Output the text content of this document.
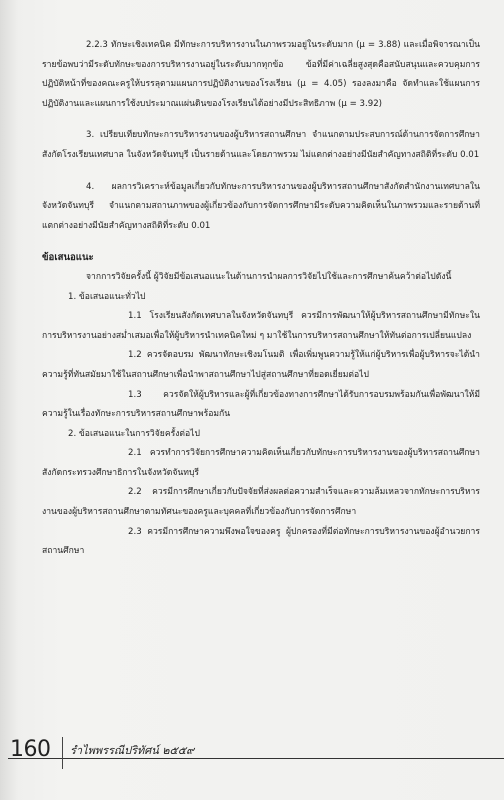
2.2.3 ทักษะเชิงเทคนิค มีทักษะการบริหารงานในภาพรวมอยู่ในระดับมาก (μ = 3.88) และเมื่อพิจารณาเป็นรายข้อพบว่ามีระดับทักษะของการบริหารงานอยู่ในระดับมากทุกข้อ ข้อที่มีค่าเฉลี่ยสูงสุดคือสนับสนุนและควบคุมการปฏิบัติหน้าที่ของคณะครูให้บรรลุตามแผนการปฏิบัติงานของโรงเรียน (μ = 4.05) รองลงมาคือ จัดทำและใช้แผนการปฏิบัติงานและแผนการใช้งบประมาณแผ่นดินของโรงเรียนได้อย่างมีประสิทธิภาพ (μ = 3.92)

3. เปรียบเทียบทักษะการบริหารงานของผู้บริหารสถานศึกษา จำแนกตามประสบการณ์ด้านการจัดการศึกษาสังกัดโรงเรียนเทศบาล ในจังหวัดจันทบุรี เป็นรายด้านและโดยภาพรวม ไม่แตกต่างอย่างมีนัยสำคัญทางสถิติที่ระดับ 0.01

4. ผลการวิเคราะห์ข้อมูลเกี่ยวกับทักษะการบริหารงานของผู้บริหารสถานศึกษาสังกัดสำนักงานเทศบาลในจังหวัดจันทบุรี จำแนกตามสถานภาพของผู้เกี่ยวข้องกับการจัดการศึกษามีระดับความคิดเห็นในภาพรวมและรายด้านที่แตกต่างอย่างมีนัยสำคัญทางสถิติที่ระดับ 0.01

ข้อเสนอแนะ

จากการวิจัยครั้งนี้ ผู้วิจัยมีข้อเสนอแนะในด้านการนำผลการวิจัยไปใช้และการศึกษาค้นคว้าต่อไปดังนี้

1. ข้อเสนอแนะทั่วไป

1.1 โรงเรียนสังกัดเทศบาลในจังหวัดจันทบุรี ควรมีการพัฒนาให้ผู้บริหารสถานศึกษามีทักษะในการบริหารงานอย่างสม่ำเสมอเพื่อให้ผู้บริหารนำเทคนิคใหม่ ๆ มาใช้ในการบริหารสถานศึกษาให้ทันต่อการเปลี่ยนแปลง

1.2 ควรจัดอบรม พัฒนาทักษะเชิงมโนมติ เพื่อเพิ่มพูนความรู้ให้แก่ผู้บริหารเพื่อผู้บริหารจะได้นำความรู้ที่ทันสมัยมาใช้ในสถานศึกษาเพื่อนำพาสถานศึกษาไปสู่สถานศึกษาที่ยอดเยี่ยมต่อไป

1.3 ควรจัดให้ผู้บริหารและผู้ที่เกี่ยวข้องทางการศึกษาได้รับการอบรมพร้อมกันเพื่อพัฒนาให้มีความรู้ในเรื่องทักษะการบริหารสถานศึกษาพร้อมกัน

2. ข้อเสนอแนะในการวิจัยครั้งต่อไป

2.1 ควรทำการวิจัยการศึกษาความคิดเห็นเกี่ยวกับทักษะการบริหารงานของผู้บริหารสถานศึกษาสังกัดกระทรวงศึกษาธิการในจังหวัดจันทบุรี

2.2 ควรมีการศึกษาเกี่ยวกับปัจจัยที่ส่งผลต่อความสำเร็จและความล้มเหลวจากทักษะการบริหารงานของผู้บริหารสถานศึกษาตามทัศนะของครูและบุคคลที่เกี่ยวข้องกับการจัดการศึกษา

2.3 ควรมีการศึกษาความพึงพอใจของครู ผู้ปกครองที่มีต่อทักษะการบริหารงานของผู้อำนวยการสถานศึกษา

160 รำไพพรรณีปริทัศน์ ๒๕๕๙
